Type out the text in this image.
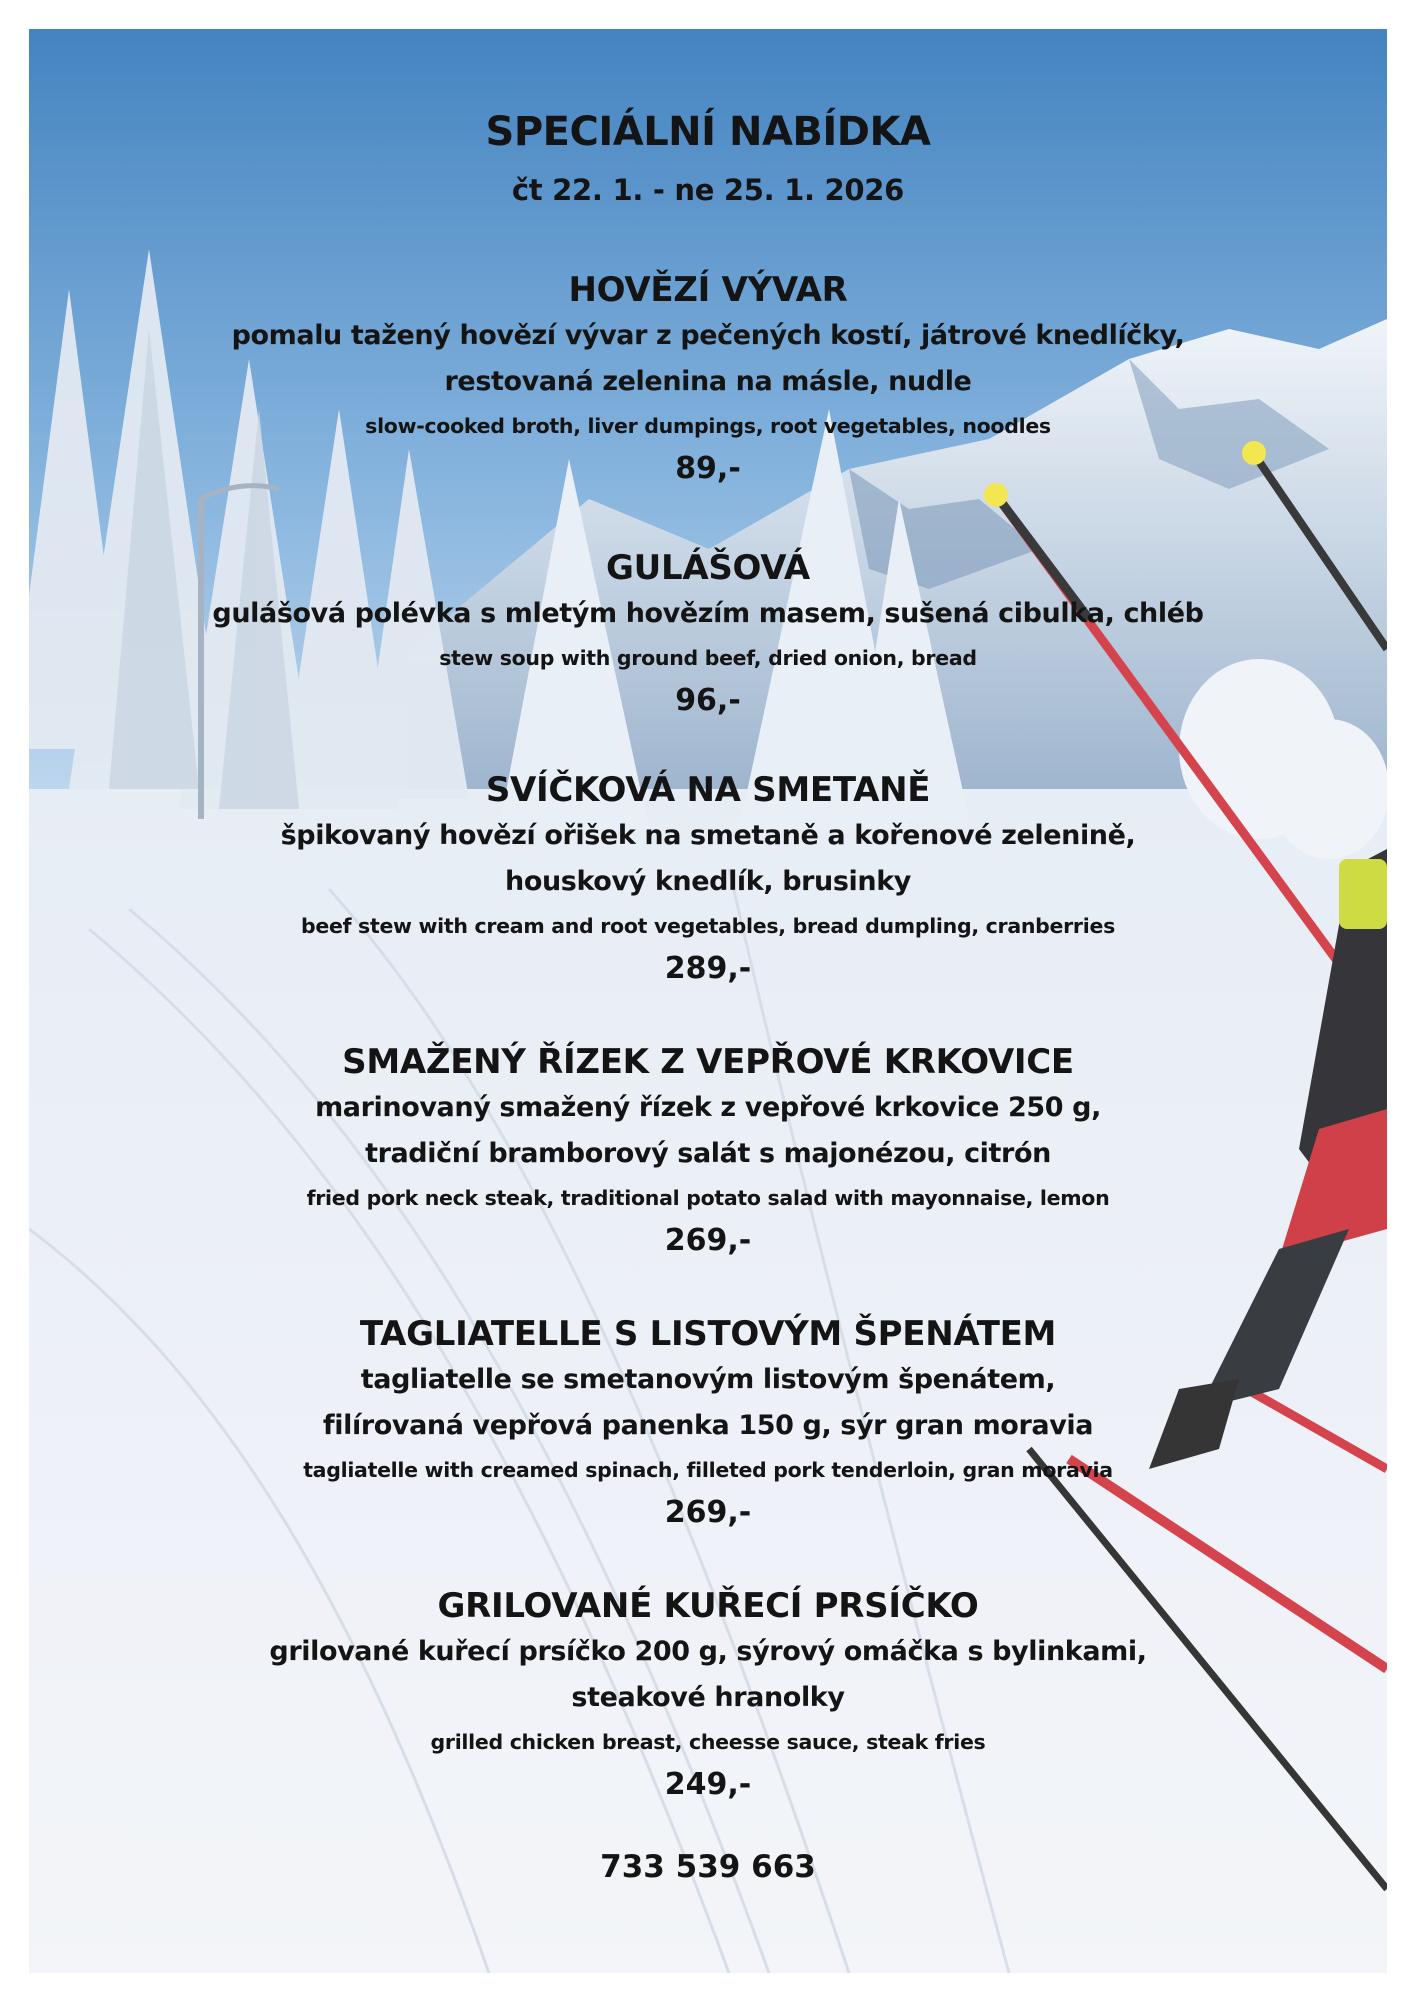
SPECIÁLNÍ NABÍDKA
čt 22. 1. - ne 25. 1. 2026
HOVĚZÍ VÝVAR
pomalu tažený hovězí vývar z pečených kostí, játrové knedlíčky,
restovaná zelenina na másle, nudle
slow-cooked broth, liver dumpings, root vegetables, noodles
89,-
GULÁŠOVÁ
gulášová polévka s mletým hovězím masem, sušená cibulka, chléb
stew soup with ground beef, dried onion, bread
96,-
SVÍČKOVÁ NA SMETANĚ
špikovaný hovězí ořišek na smetaně a kořenové zelenině,
houskový knedlík, brusinky
beef stew with cream and root vegetables, bread dumpling, cranberries
289,-
SMAŽENÝ ŘÍZEK Z VEPŘOVÉ KRKOVICE
marinovaný smažený řízek z vepřové krkovice 250 g,
tradiční bramborový salát s majonézou, citrón
fried pork neck steak, traditional potato salad with mayonnaise, lemon
269,-
TAGLIATELLE S LISTOVÝM ŠPENÁTEM
tagliatelle se smetanovým listovým špenátem,
filírovaná vepřová panenka 150 g, sýr gran moravia
tagliatelle with creamed spinach, filleted pork tenderloin, gran moravia
269,-
GRILOVANÉ KUŘECÍ PRSÍČKO
grilované kuřecí prsíčko 200 g, sýrový omáčka s bylinkami,
steakové hranolky
grilled chicken breast, cheesse sauce, steak fries
249,-
733 539 663
